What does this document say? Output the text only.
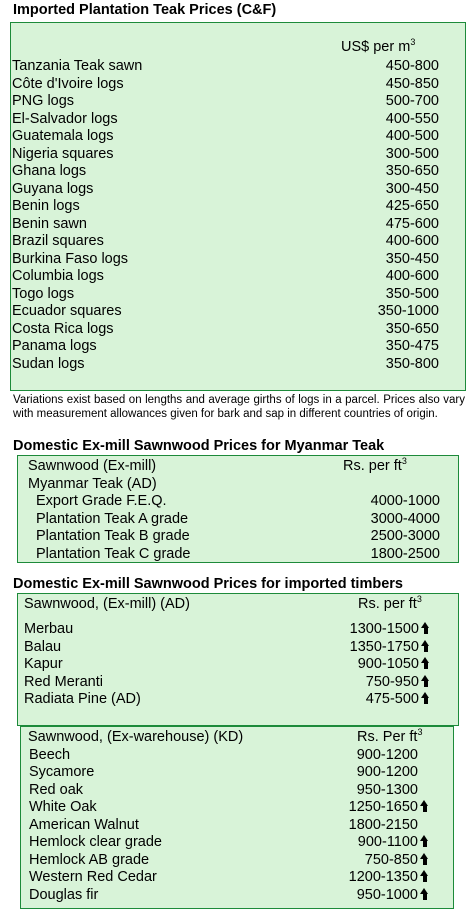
Imported Plantation Teak Prices (C&F)
US$ per $m^3$
Tanzania Teak sawn	450-800
Côte d'Ivoire logs	450-850
PNG logs	500-700
El-Salvador logs	400-550
Guatemala logs	400-500
Nigeria squares	300-500
Ghana logs	350-650
Guyana logs	300-450
Benin logs	425-650
Benin sawn	475-600
Brazil squares	400-600
Burkina Faso logs	350-450
Columbia logs	400-600
Togo logs	350-500
Ecuador squares	350-1000
Costa Rica logs	350-650
Panama logs	350-475
Sudan logs	350-800
Variations exist based on lengths and average girths of logs in a parcel. Prices also vary with measurement allowances given for bark and sap in different countries of origin.
Domestic Ex-mill Sawnwood Prices for Myanmar Teak
Sawnwood (Ex-mill)	Rs. per $ft^3$
Myanmar Teak (AD)
Export Grade F.E.Q.	4000-1000
Plantation Teak A grade	3000-4000
Plantation Teak B grade	2500-3000
Plantation Teak C grade	1800-2500
Domestic Ex-mill Sawnwood Prices for imported timbers
Sawnwood, (Ex-mill) (AD)	Rs. per $ft^3$
Merbau	1300-1500
Balau	1350-1750
Kapur	900-1050
Red Meranti	750-950
Radiata Pine (AD)	475-500
Sawnwood, (Ex-warehouse) (KD)	Rs. Per $ft^3$
Beech	900-1200
Sycamore	900-1200
Red oak	950-1300
White Oak	1250-1650
American Walnut	1800-2150
Hemlock clear grade	900-1100
Hemlock AB grade	750-850
Western Red Cedar	1200-1350
Douglas fir	950-1000
